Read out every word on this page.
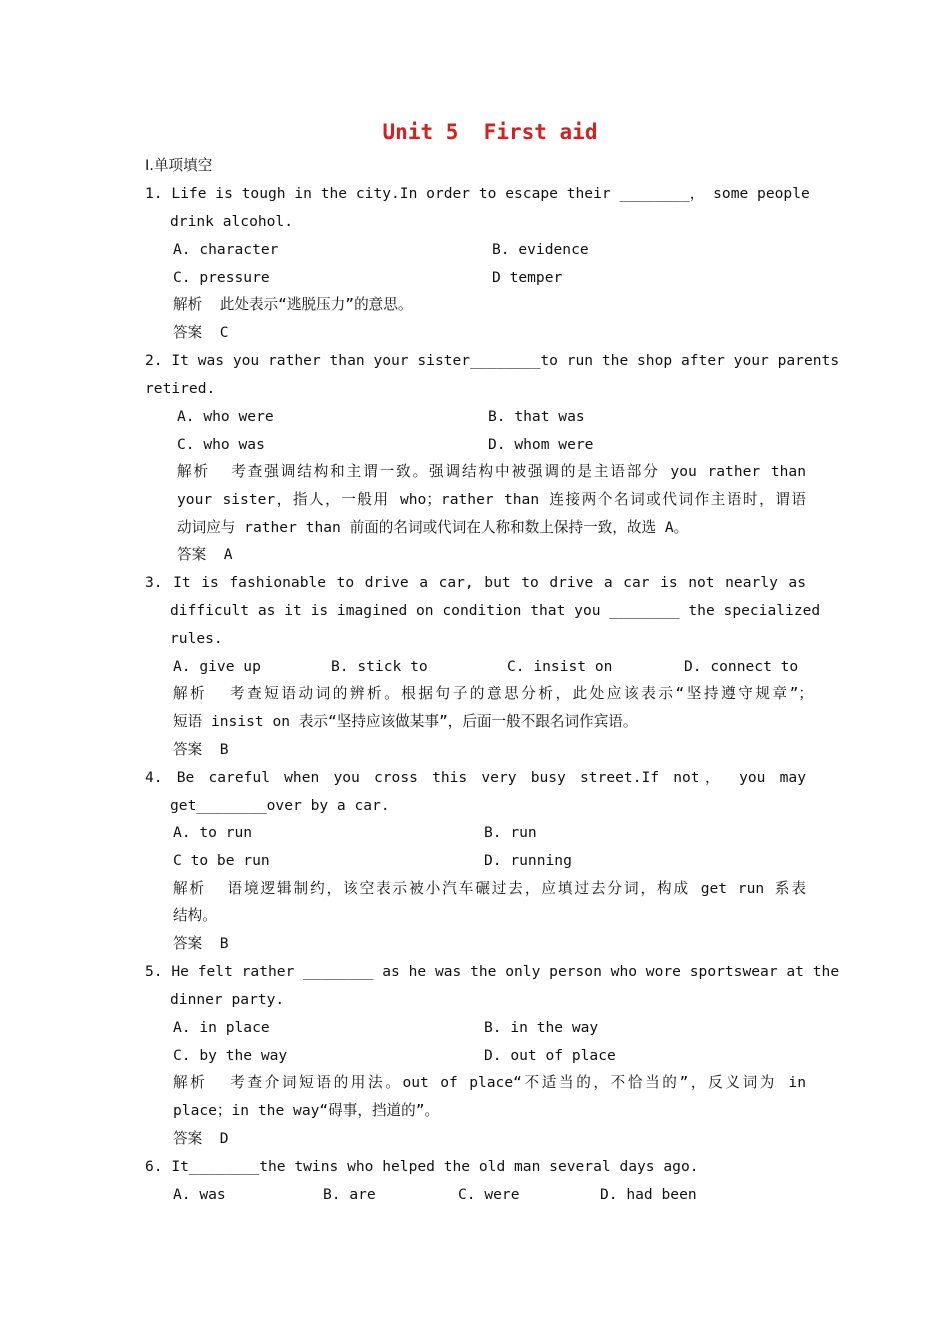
Unit 5  First aid
Ⅰ.单项填空
1. Life is tough in the city.In order to escape their ________， some people
drink alcohol.
A. character	B. evidence
C. pressure	D temper
解析  此处表示“逃脱压力”的意思。
答案  C
2. It was you rather than your sister________to run the shop after your parents
retired.
A. who were	B. that was
C. who was	D. whom were
解析  考查强调结构和主谓一致。强调结构中被强调的是主语部分 you rather than
your sister，指人，一般用 who；rather than 连接两个名词或代词作主语时，谓语
动词应与 rather than 前面的名词或代词在人称和数上保持一致，故选 A。
答案  A
3. It is fashionable to drive a car, but to drive a car is not nearly as
difficult as it is imagined on condition that you ________ the specialized
rules.
A. give up	B. stick to	C. insist on	D. connect to
解析  考查短语动词的辨析。根据句子的意思分析，此处应该表示“坚持遵守规章”；
短语 insist on 表示“坚持应该做某事”，后面一般不跟名词作宾语。
答案  B
4. Be careful when you cross this very busy street.If not， you may
get________over by a car.
A. to run	B. run
C to be run	D. running
解析  语境逻辑制约，该空表示被小汽车碾过去，应填过去分词，构成 get run 系表
结构。
答案  B
5. He felt rather ________ as he was the only person who wore sportswear at the
dinner party.
A. in place	B. in the way
C. by the way	D. out of place
解析  考查介词短语的用法。out of place“不适当的，不恰当的”，反义词为 in
place；in the way“碍事，挡道的”。
答案  D
6. It________the twins who helped the old man several days ago.
A. was	B. are	C. were	D. had been
